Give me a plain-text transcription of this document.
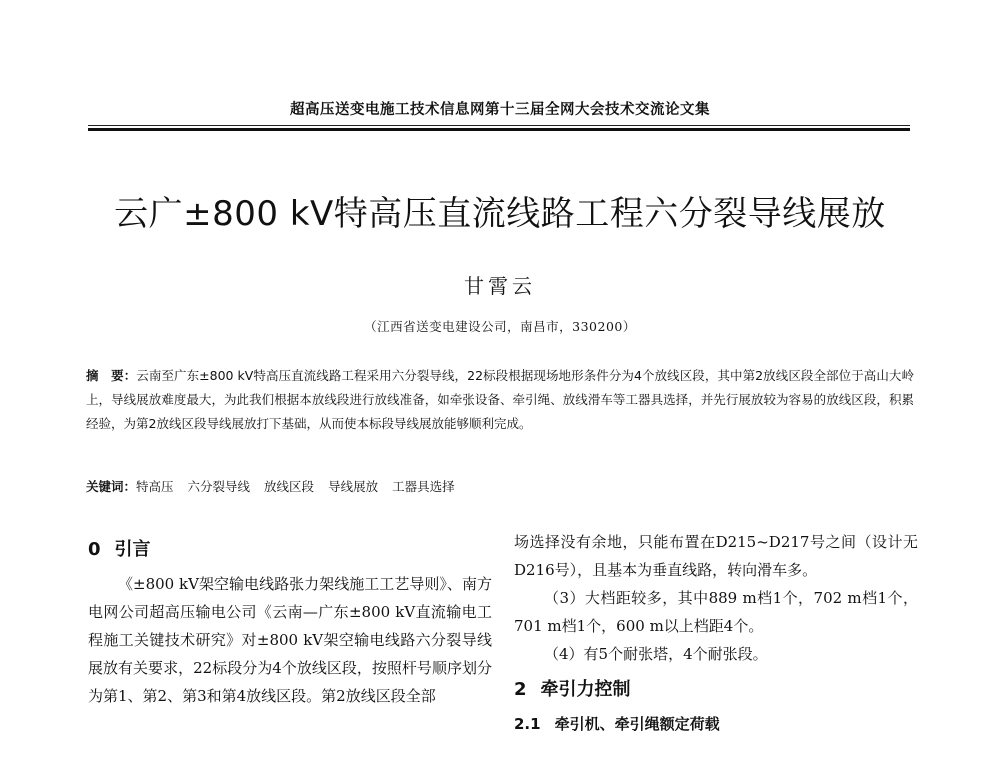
超高压送变电施工技术信息网第十三届全网大会技术交流论文集
云广±800 kV特高压直流线路工程六分裂导线展放
甘霄云
（江西省送变电建设公司，南昌市，330200）
摘　要：云南至广东±800 kV特高压直流线路工程采用六分裂导线，22标段根据现场地形条件分为4个放线区段，其中第2放线区段全部位于高山大岭上，导线展放难度最大，为此我们根据本放线段进行放线准备，如牵张设备、牵引绳、放线滑车等工器具选择，并先行展放较为容易的放线区段，积累经验，为第2放线区段导线展放打下基础，从而使本标段导线展放能够顺利完成。
关键词：特高压 六分裂导线 放线区段 导线展放 工器具选择
0 引言

《±800 kV架空输电线路张力架线施工工艺导则》、南方电网公司超高压输电公司《云南—广东±800 kV直流输电工程施工关键技术研究》对±800 kV架空输电线路六分裂导线展放有关要求，22标段分为4个放线区段，按照杆号顺序划分为第1、第2、第3和第4放线区段。第2放线区段全部

场选择没有余地，只能布置在D215~D217号之间（设计无D216号），且基本为垂直线路，转向滑车多。

（3）大档距较多，其中889 m档1个，702 m档1个，701 m档1个，600 m以上档距4个。

（4）有5个耐张塔，4个耐张段。

2 牵引力控制
2.1 牵引机、牵引绳额定荷载
